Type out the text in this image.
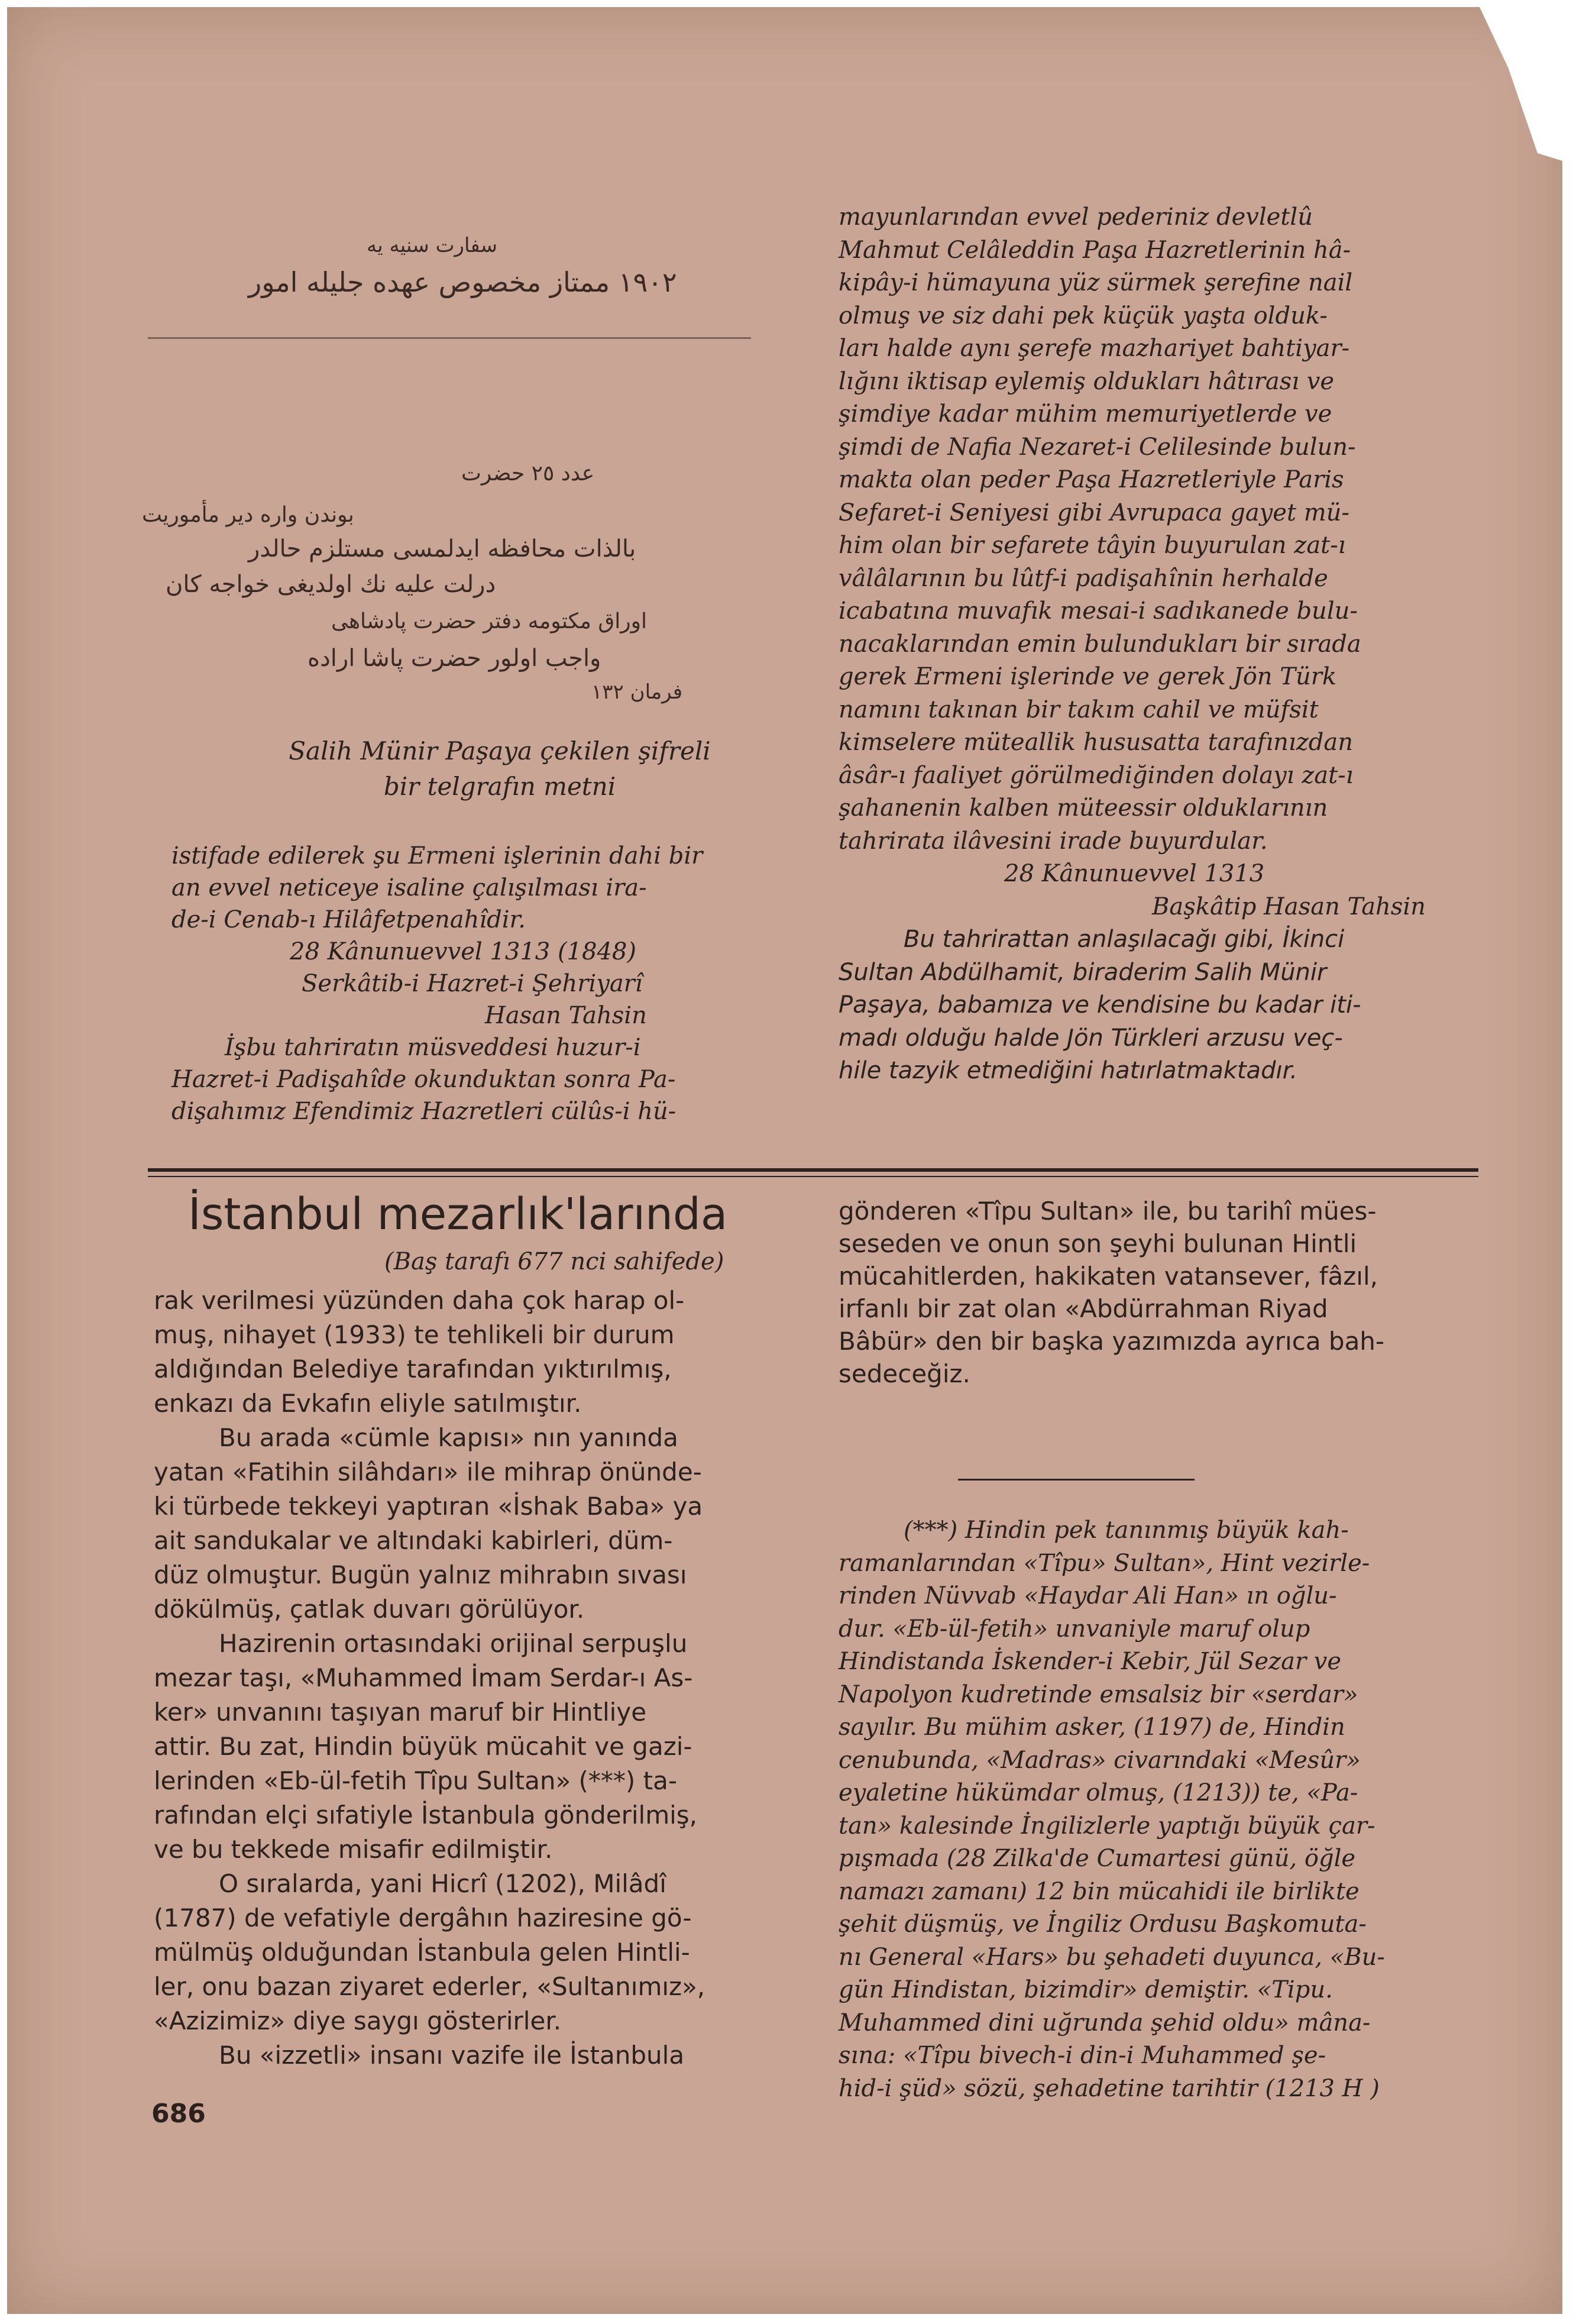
ﺳﻔﺎﺭﺕ ﺳﻨﻴﻪ ﻳﻪ
١٩٠٢ ﻣﻤﺘﺎﺯ ﻣﺨﺼﻮﺹ ﻋﻬﺪﻩ ﺟﻠﻴﻠﻪ ﺍﻣﻮﺭ
ﻋﺪﺩ ٢٥ ﺣﻀﺮﺕ
ﺑﻮﻧﺪﻥ ﻭﺍﺭﻩ ﺩﻳﺮ ﻣﺄﻣﻮﺭﻳﺖ
ﺑﺎﻟﺬﺍﺕ ﻣﺤﺎﻓﻈﻪ ﺍﻳﺪﻟﻤﺴﻰ ﻣﺴﺘﻠﺰﻡ ﺣﺎﻟﺪﺭ
ﺩﺭﻟﺖ ﻋﻠﻴﻪ ﻧﻚ ﺍﻭﻟﺪﻳﻐﻰ ﺧﻮﺍﺟﻪ ﻛﺎﻥ
ﺍﻭﺭﺍﻕ ﻣﻜﺘﻮﻣﻪ ﺩﻓﺘﺮ ﺣﻀﺮﺕ ﭘﺎﺩﺷﺎﻫﻰ
ﻭﺍﺟﺐ ﺍﻭﻟﻮﺭ ﺣﻀﺮﺕ ﭘﺎﺷﺎ ﺍﺭﺍﺩﻩ
ﻓﺮﻣﺎﻥ ١٣٢
Salih Münir Paşaya çekilen şifreli
bir telgrafın metni
istifade edilerek şu Ermeni işlerinin dahi bir
an evvel neticeye isaline çalışılması ira-
de-i Cenab-ı Hilâfetpenahîdir.
28 Kânunuevvel 1313 (1848)
Serkâtib-i Hazret-i Şehriyarî
Hasan Tahsin
İşbu tahriratın müsveddesi huzur-i
Hazret-i Padişahîde okunduktan sonra Pa-
dişahımız Efendimiz Hazretleri cülûs-i hü-
mayunlarından evvel pederiniz devletlû
Mahmut Celâleddin Paşa Hazretlerinin hâ-
kipây-i hümayuna yüz sürmek şerefine nail
olmuş ve siz dahi pek küçük yaşta olduk-
ları halde aynı şerefe mazhariyet bahtiyar-
lığını iktisap eylemiş oldukları hâtırası ve
şimdiye kadar mühim memuriyetlerde ve
şimdi de Nafia Nezaret-i Celilesinde bulun-
makta olan peder Paşa Hazretleriyle Paris
Sefaret-i Seniyesi gibi Avrupaca gayet mü-
him olan bir sefarete tâyin buyurulan zat-ı
vâlâlarının bu lûtf-i padişahînin herhalde
icabatına muvafık mesai-i sadıkanede bulu-
nacaklarından emin bulundukları bir sırada
gerek Ermeni işlerinde ve gerek Jön Türk
namını takınan bir takım cahil ve müfsit
kimselere müteallik hususatta tarafınızdan
âsâr-ı faaliyet görülmediğinden dolayı zat-ı
şahanenin kalben müteessir olduklarının
tahrirata ilâvesini irade buyurdular.
28 Kânunuevvel 1313
Başkâtip Hasan Tahsin
Bu tahrirattan anlaşılacağı gibi, İkinci
Sultan Abdülhamit, biraderim Salih Münir
Paşaya, babamıza ve kendisine bu kadar iti-
madı olduğu halde Jön Türkleri arzusu veç-
hile tazyik etmediğini hatırlatmaktadır.
İstanbul mezarlık'larında
(Baş tarafı 677 nci sahifede)
rak verilmesi yüzünden daha çok harap ol-
muş, nihayet (1933) te tehlikeli bir durum
aldığından Belediye tarafından yıktırılmış,
enkazı da Evkafın eliyle satılmıştır.
Bu arada «cümle kapısı» nın yanında
yatan «Fatihin silâhdarı» ile mihrap önünde-
ki türbede tekkeyi yaptıran «İshak Baba» ya
ait sandukalar ve altındaki kabirleri, düm-
düz olmuştur. Bugün yalnız mihrabın sıvası
dökülmüş, çatlak duvarı görülüyor.
Hazirenin ortasındaki orijinal serpuşlu
mezar taşı, «Muhammed İmam Serdar-ı As-
ker» unvanını taşıyan maruf bir Hintliye
attir. Bu zat, Hindin büyük mücahit ve gazi-
lerinden «Eb-ül-fetih Tîpu Sultan» (***) ta-
rafından elçi sıfatiyle İstanbula gönderilmiş,
ve bu tekkede misafir edilmiştir.
O sıralarda, yani Hicrî (1202), Milâdî
(1787) de vefatiyle dergâhın haziresine gö-
mülmüş olduğundan İstanbula gelen Hintli-
ler, onu bazan ziyaret ederler, «Sultanımız»,
«Azizimiz» diye saygı gösterirler.
Bu «izzetli» insanı vazife ile İstanbula
gönderen «Tîpu Sultan» ile, bu tarihî mües-
seseden ve onun son şeyhi bulunan Hintli
mücahitlerden, hakikaten vatansever, fâzıl,
irfanlı bir zat olan «Abdürrahman Riyad
Bâbür» den bir başka yazımızda ayrıca bah-
sedeceğiz.
(***) Hindin pek tanınmış büyük kah-
ramanlarından «Tîpu» Sultan», Hint vezirle-
rinden Nüvvab «Haydar Ali Han» ın oğlu-
dur. «Eb-ül-fetih» unvaniyle maruf olup
Hindistanda İskender-i Kebir, Jül Sezar ve
Napolyon kudretinde emsalsiz bir «serdar»
sayılır. Bu mühim asker, (1197) de, Hindin
cenubunda, «Madras» civarındaki «Mesûr»
eyaletine hükümdar olmuş, (1213)) te, «Pa-
tan» kalesinde İngilizlerle yaptığı büyük çar-
pışmada (28 Zilka'de Cumartesi günü, öğle
namazı zamanı) 12 bin mücahidi ile birlikte
şehit düşmüş, ve İngiliz Ordusu Başkomuta-
nı General «Hars» bu şehadeti duyunca, «Bu-
gün Hindistan, bizimdir» demiştir. «Tipu.
Muhammed dini uğrunda şehid oldu» mâna-
sına: «Tîpu bivech-i din-i Muhammed şe-
hid-i şüd» sözü, şehadetine tarihtir (1213 H )
686
